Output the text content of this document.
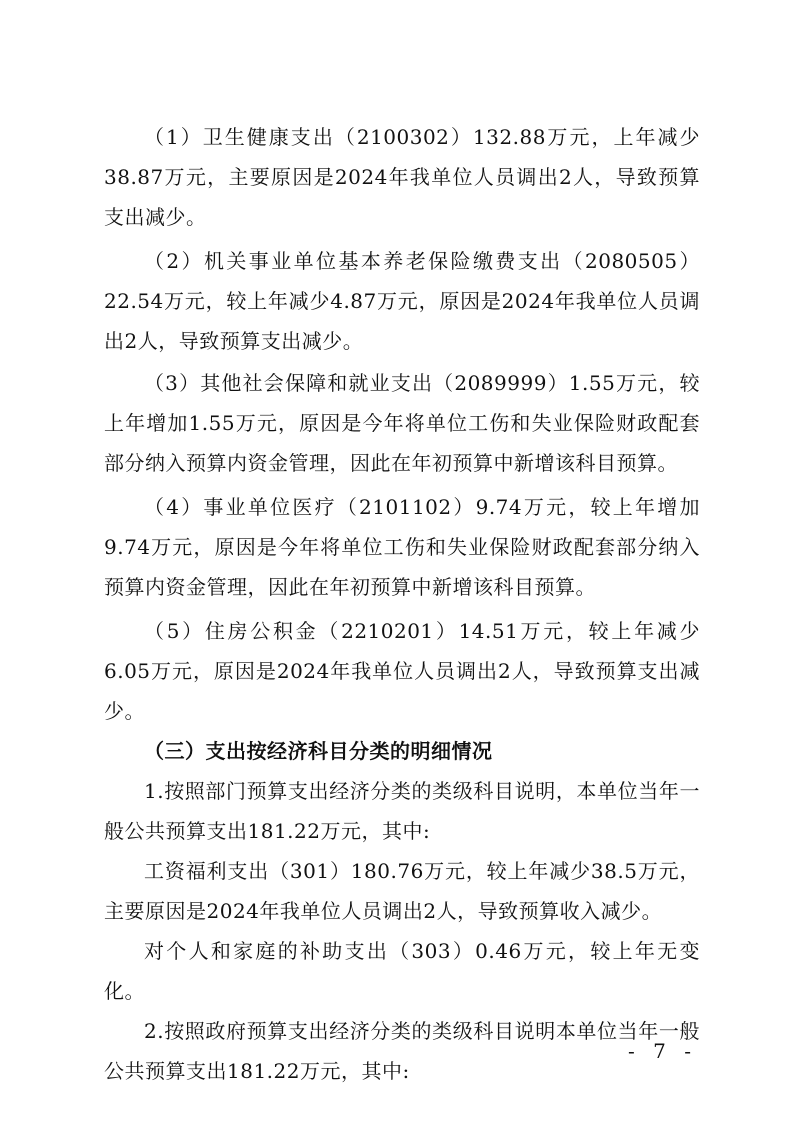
（1）卫生健康支出（2100302）132.88万元，上年减少38.87万元，主要原因是2024年我单位人员调出2人，导致预算支出减少。

（2）机关事业单位基本养老保险缴费支出（2080505）22.54万元，较上年减少4.87万元，原因是2024年我单位人员调出2人，导致预算支出减少。

（3）其他社会保障和就业支出（2089999）1.55万元，较上年增加1.55万元，原因是今年将单位工伤和失业保险财政配套部分纳入预算内资金管理，因此在年初预算中新增该科目预算。

（4）事业单位医疗（2101102）9.74万元，较上年增加9.74万元，原因是今年将单位工伤和失业保险财政配套部分纳入预算内资金管理，因此在年初预算中新增该科目预算。

（5）住房公积金（2210201）14.51万元，较上年减少6.05万元，原因是2024年我单位人员调出2人，导致预算支出减少。

（三）支出按经济科目分类的明细情况

1.按照部门预算支出经济分类的类级科目说明，本单位当年一般公共预算支出181.22万元，其中:

工资福利支出（301）180.76万元，较上年减少38.5万元，主要原因是2024年我单位人员调出2人，导致预算收入减少。

对个人和家庭的补助支出（303）0.46万元，较上年无变化。

2.按照政府预算支出经济分类的类级科目说明本单位当年一般公共预算支出181.22万元，其中:

- 7 -
